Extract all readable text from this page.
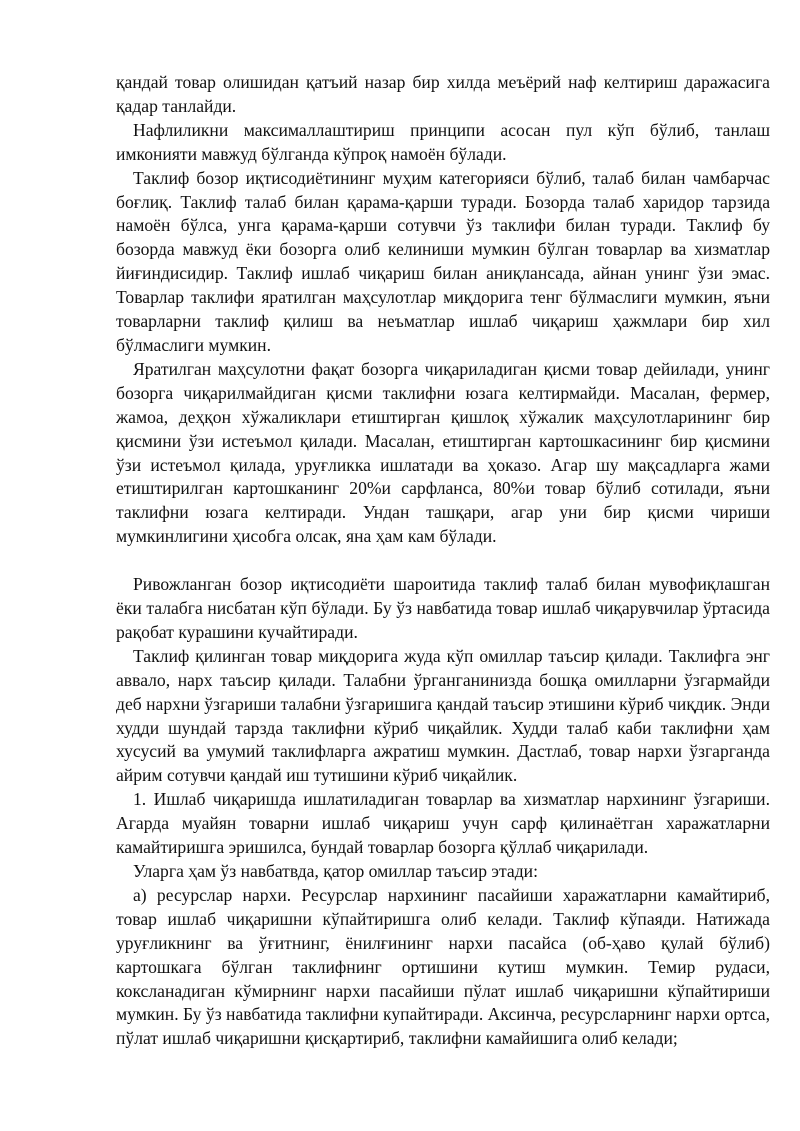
қандай товар олишидан қатъий назар бир хилда меъёрий наф келтириш даражасига қадар танлайди.

Нафлиликни максималлаштириш принципи асосан пул кўп бўлиб, танлаш имконияти мавжуд бўлганда кўпроқ намоён бўлади.

Таклиф бозор иқтисодиётининг муҳим категорияси бўлиб, талаб билан чамбарчас боғлиқ. Таклиф талаб билан қарама-қарши туради. Бозорда талаб харидор тарзида намоён бўлса, унга қарама-қарши сотувчи ўз таклифи билан туради. Таклиф бу бозорда мавжуд ёки бозорга олиб келиниши мумкин бўлган товарлар ва хизматлар йиғиндисидир. Таклиф ишлаб чиқариш билан аниқлансада, айнан унинг ўзи эмас. Товарлар таклифи яратилган маҳсулотлар миқдорига тенг бўлмаслиги мумкин, яъни товарларни таклиф қилиш ва неъматлар ишлаб чиқариш ҳажмлари бир хил бўлмаслиги мумкин.

Яратилган маҳсулотни фақат бозорга чиқариладиган қисми товар дейилади, унинг бозорга чиқарилмайдиган қисми таклифни юзага келтирмайди. Масалан, фермер, жамоа, деҳқон хўжаликлари етиштирган қишлоқ хўжалик маҳсулотларининг бир қисмини ўзи истеъмол қилади. Масалан, етиштирган картошкасининг бир қисмини ўзи истеъмол қилада, уруғликка ишлатади ва ҳоказо. Агар шу мақсадларга жами етиштирилган картошканинг 20%и сарфланса, 80%и товар бўлиб сотилади, яъни таклифни юзага келтиради. Ундан ташқари, агар уни бир қисми чириши мумкинлигини ҳисобга олсак, яна ҳам кам бўлади.

Ривожланган бозор иқтисодиёти шароитида таклиф талаб билан мувофиқлашган ёки талабга нисбатан кўп бўлади. Бу ўз навбатида товар ишлаб чиқарувчилар ўртасида рақобат курашини кучайтиради.

Таклиф қилинган товар миқдорига жуда кўп омиллар таъсир қилади. Таклифга энг аввало, нарх таъсир қилади. Талабни ўрганганинизда бошқа омилларни ўзгармайди деб нархни ўзгариши талабни ўзгаришига қандай таъсир этишини кўриб чиқдик. Энди худди шундай тарзда таклифни кўриб чиқайлик. Худди талаб каби таклифни ҳам хусусий ва умумий таклифларга ажратиш мумкин. Дастлаб, товар нархи ўзгарганда айрим сотувчи қандай иш тутишини кўриб чиқайлик.

1. Ишлаб чиқаришда ишлатиладиган товарлар ва хизматлар нархининг ўзгариши. Агарда муайян товарни ишлаб чиқариш учун сарф қилинаётган харажатларни камайтиришга эришилса, бундай товарлар бозорга қўллаб чиқарилади.

Уларга ҳам ўз навбатвда, қатор омиллар таъсир этади:

а) ресурслар нархи. Ресурслар нархининг пасайиши харажатларни камайтириб, товар ишлаб чиқаришни кўпайтиришга олиб келади. Таклиф кўпаяди. Натижада уруғликнинг ва ўғитнинг, ёнилғининг нархи пасайса (об-ҳаво қулай бўлиб) картошкага бўлган таклифнинг ортишини кутиш мумкин. Темир рудаси, коксланадиган кўмирнинг нархи пасайиши пўлат ишлаб чиқаришни кўпайтириши мумкин. Бу ўз навбатида таклифни купайтиради. Аксинча, ресурсларнинг нархи ортса, пўлат ишлаб чиқаришни қисқартириб, таклифни камайишига олиб келади;
